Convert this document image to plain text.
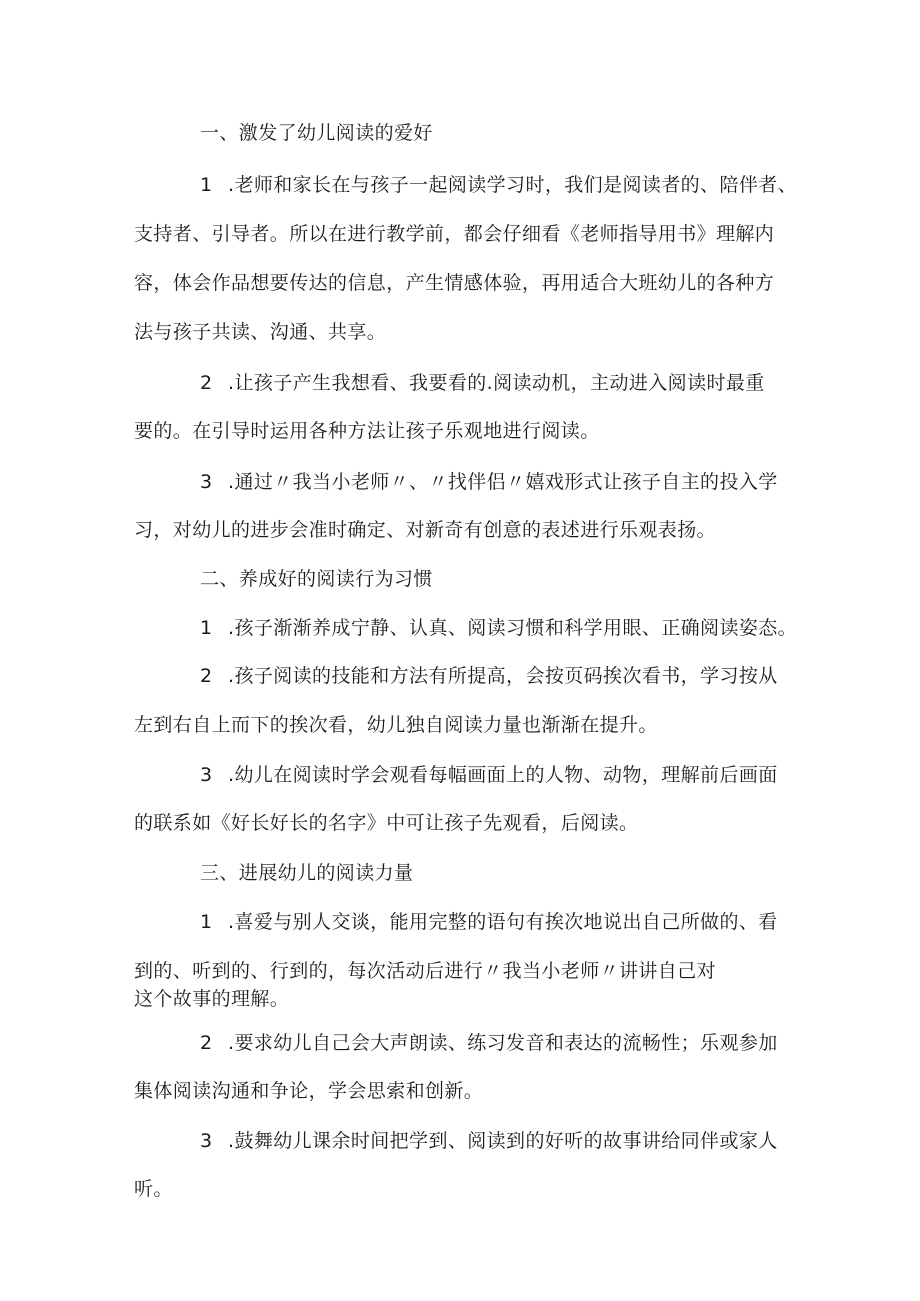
一、激发了幼儿阅读的爱好
1 .老师和家长在与孩子一起阅读学习时，我们是阅读者的、陪伴者、
支持者、引导者。所以在进行教学前，都会仔细看《老师指导用书》理解内
容，体会作品想要传达的信息，产生情感体验，再用适合大班幼儿的各种方
法与孩子共读、沟通、共享。
2 .让孩子产生我想看、我要看的.阅读动机，主动进入阅读时最重
要的。在引导时运用各种方法让孩子乐观地进行阅读。
3 .通过〃我当小老师〃、〃找伴侣〃嬉戏形式让孩子自主的投入学
习，对幼儿的进步会准时确定、对新奇有创意的表述进行乐观表扬。
二、养成好的阅读行为习惯
1 .孩子渐渐养成宁静、认真、阅读习惯和科学用眼、正确阅读姿态。
2 .孩子阅读的技能和方法有所提高，会按页码挨次看书，学习按从
左到右自上而下的挨次看，幼儿独自阅读力量也渐渐在提升。
3 .幼儿在阅读时学会观看每幅画面上的人物、动物，理解前后画面
的联系如《好长好长的名字》中可让孩子先观看，后阅读。
三、进展幼儿的阅读力量
1 .喜爱与别人交谈，能用完整的语句有挨次地说出自己所做的、看
到的、听到的、行到的，每次活动后进行〃我当小老师〃讲讲自己对
这个故事的理解。
2 .要求幼儿自己会大声朗读、练习发音和表达的流畅性；乐观参加
集体阅读沟通和争论，学会思索和创新。
3 .鼓舞幼儿课余时间把学到、阅读到的好听的故事讲给同伴或家人
听。
